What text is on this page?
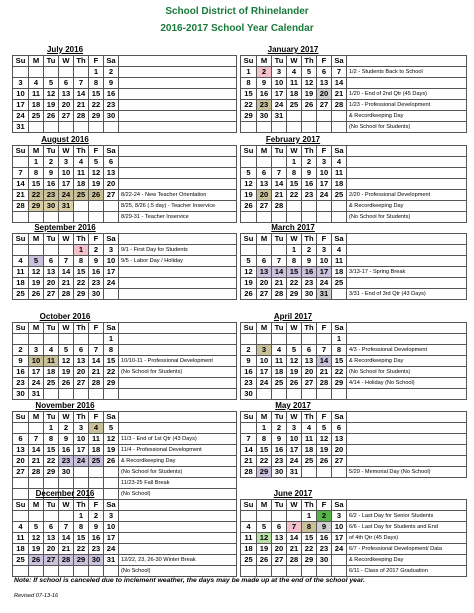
School District of Rhinelander
2016-2017 School Year Calendar
July 2016
Su	M	Tu	W	Th	F	Sa	
					1	2	
3	4	5	6	7	8	9	
10	11	12	13	14	15	16	
17	18	19	20	21	22	23	
24	25	26	27	28	29	30	
31							
August 2016
Su	M	Tu	W	Th	F	Sa	
	1	2	3	4	5	6	
7	8	9	10	11	12	13	
14	15	16	17	18	19	20	
21	22	23	24	25	26	27	8/22-24 - New Teacher Orientation
28	29	30	31				8/25, 8/26 (.5 day) - Teacher Inservice
							8/29-31 - Teacher Inservice
September 2016
Su	M	Tu	W	Th	F	Sa	
				1	2	3	9/1 - First Day for Students
4	5	6	7	8	9	10	9/5 - Labor Day / Holiday
11	12	13	14	15	16	17	
18	19	20	21	22	23	24	
25	26	27	28	29	30		
October 2016
Su	M	Tu	W	Th	F	Sa	
						1	
2	3	4	5	6	7	8	
9	10	11	12	13	14	15	10/10-11 - Professional Development
16	17	18	19	20	21	22	(No School for Students)
23	24	25	26	27	28	29	
30	31						
November 2016
Su	M	Tu	W	Th	F	Sa	
		1	2	3	4	5	
6	7	8	9	10	11	12	11/3 - End of 1st Qtr (43 Days)
13	14	15	16	17	18	19	11/4 - Professional Development
20	21	22	23	24	25	26	& Recordkeeping Day
27	28	29	30				(No School for Students)
							11/23-25 Fall Break
							(No School)
December 2016
Su	M	Tu	W	Th	F	Sa	
				1	2	3	
4	5	6	7	8	9	10	
11	12	13	14	15	16	17	
18	19	20	21	22	23	24	
25	26	27	28	29	30	31	12/22, 23, 26-30 Winter Break
							(No School)
January 2017
Su	M	Tu	W	Th	F	Sa	
1	2	3	4	5	6	7	1/2 - Students Back to School
8	9	10	11	12	13	14	
15	16	17	18	19	20	21	1/20 - End of 2nd Qtr (45 Days)
22	23	24	25	26	27	28	1/23 - Professional Development
29	30	31					& Recordkeeping Day
							(No School for Students)
February 2017
Su	M	Tu	W	Th	F	Sa	
			1	2	3	4	
5	6	7	8	9	10	11	
12	13	14	15	16	17	18	
19	20	21	22	23	24	25	2/20 - Professional Development
26	27	28					& Recordkeeping Day
							(No School for Students)
March 2017
Su	M	Tu	W	Th	F	Sa	
			1	2	3	4	
5	6	7	8	9	10	11	
12	13	14	15	16	17	18	3/13-17 - Spring Break
19	20	21	22	23	24	25	
26	27	28	29	30	31		3/31 - End of 3rd Qtr (43 Days)
April 2017
Su	M	Tu	W	Th	F	Sa	
						1	
2	3	4	5	6	7	8	4/3 - Professional Development
9	10	11	12	13	14	15	& Recordkeeping Day
16	17	18	19	20	21	22	(No School for Students)
23	24	25	26	27	28	29	4/14 - Holiday (No School)
30							
May 2017
Su	M	Tu	W	Th	F	Sa	
	1	2	3	4	5	6	
7	8	9	10	11	12	13	
14	15	16	17	18	19	20	
21	22	23	24	25	26	27	
28	29	30	31				5/29 - Memorial Day (No School)
June 2017
Su	M	Tu	W	Th	F	Sa	
				1	2	3	6/2 - Last Day for Senior Students
4	5	6	7	8	9	10	6/6 - Last Day for Students and End
11	12	13	14	15	16	17	of 4th Qtr (45 Days)
18	19	20	21	22	23	24	6/7 - Professional Development/ Data
25	26	27	28	29	30		& Recordkeeping Day
							6/11 - Class of 2017 Graduation
Note: If school is canceled due to inclement weather, the days may be made up at the end of the school year.
Revised 07-13-16
